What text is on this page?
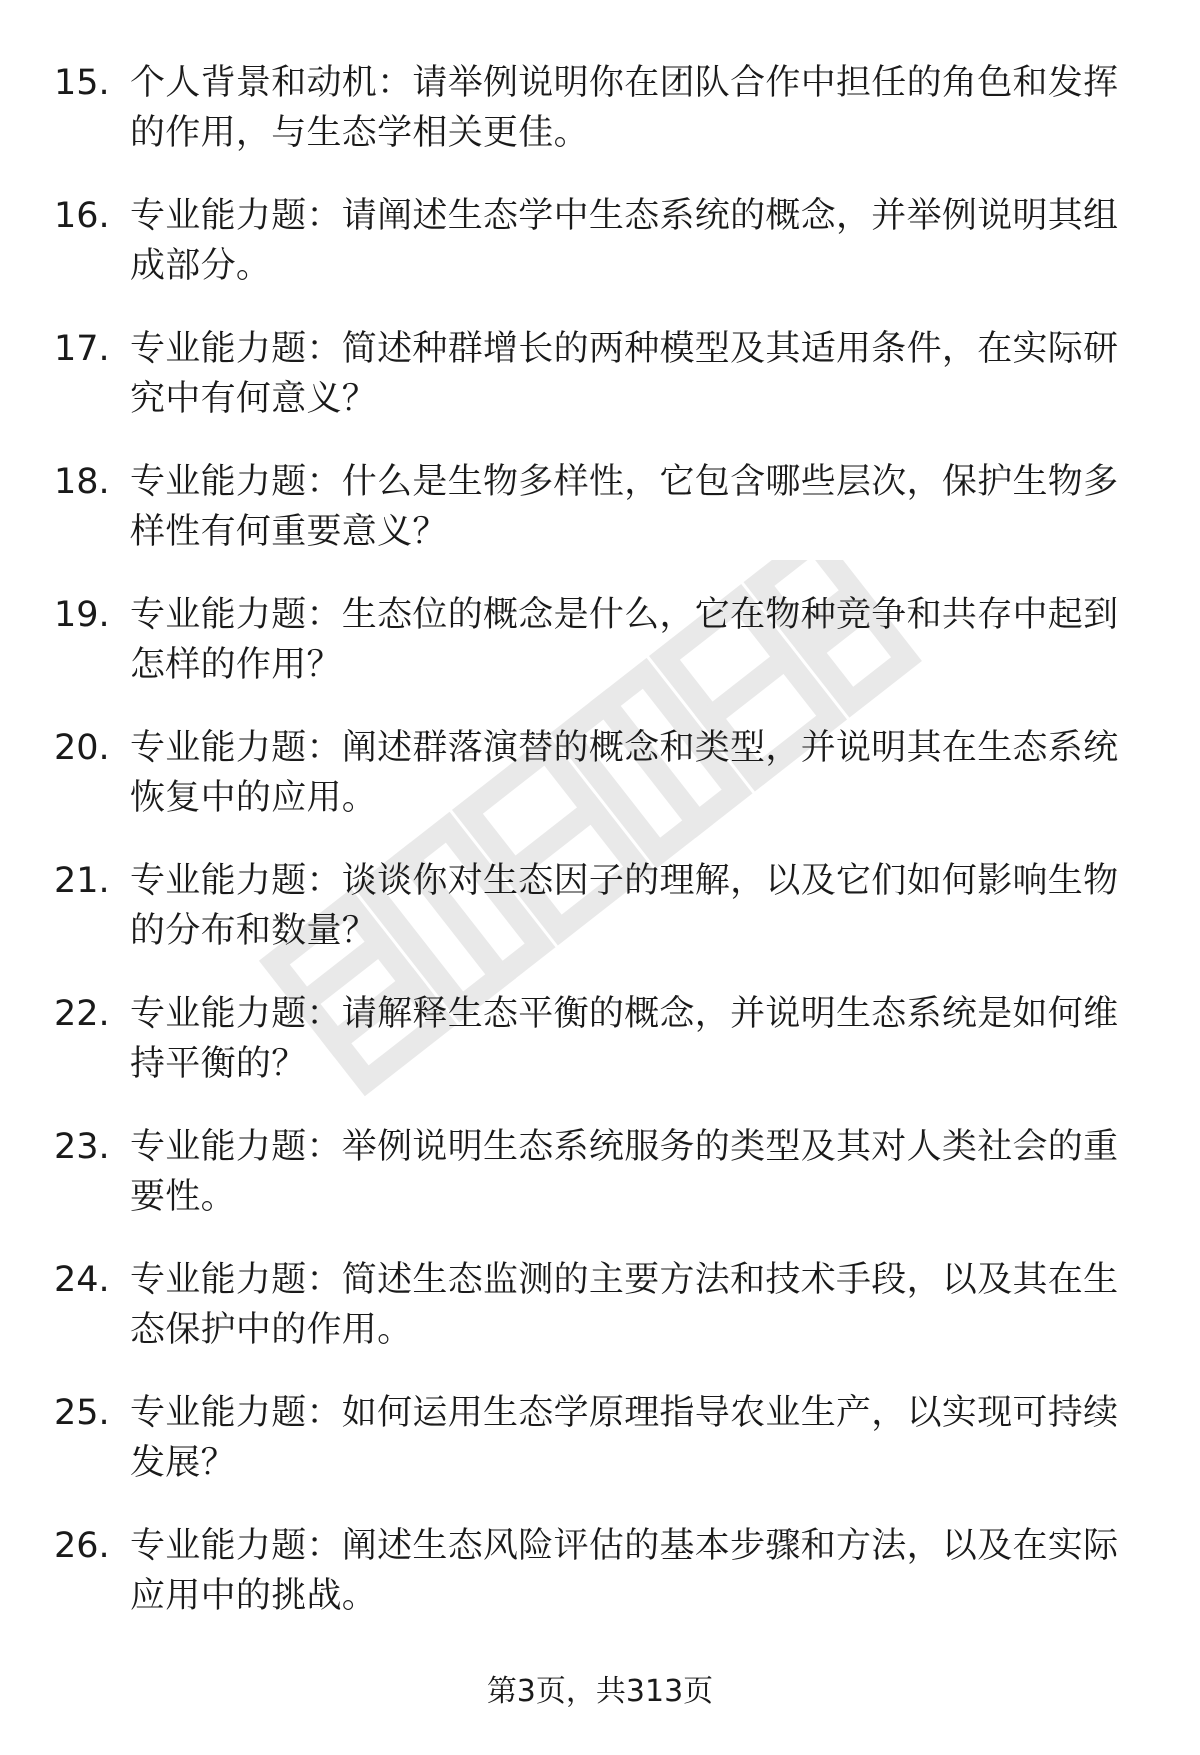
15. 个人背景和动机：请举例说明你在团队合作中担任的角色和发挥
的作用，与生态学相关更佳。
16. 专业能力题：请阐述生态学中生态系统的概念，并举例说明其组
成部分。
17. 专业能力题：简述种群增长的两种模型及其适用条件，在实际研
究中有何意义？
18. 专业能力题：什么是生物多样性，它包含哪些层次，保护生物多
样性有何重要意义？
19. 专业能力题：生态位的概念是什么，它在物种竞争和共存中起到
怎样的作用？
20. 专业能力题：阐述群落演替的概念和类型，并说明其在生态系统
恢复中的应用。
21. 专业能力题：谈谈你对生态因子的理解，以及它们如何影响生物
的分布和数量？
22. 专业能力题：请解释生态平衡的概念，并说明生态系统是如何维
持平衡的？
23. 专业能力题：举例说明生态系统服务的类型及其对人类社会的重
要性。
24. 专业能力题：简述生态监测的主要方法和技术手段，以及其在生
态保护中的作用。
25. 专业能力题：如何运用生态学原理指导农业生产，以实现可持续
发展？
26. 专业能力题：阐述生态风险评估的基本步骤和方法，以及在实际
应用中的挑战。
第3页，共313页
